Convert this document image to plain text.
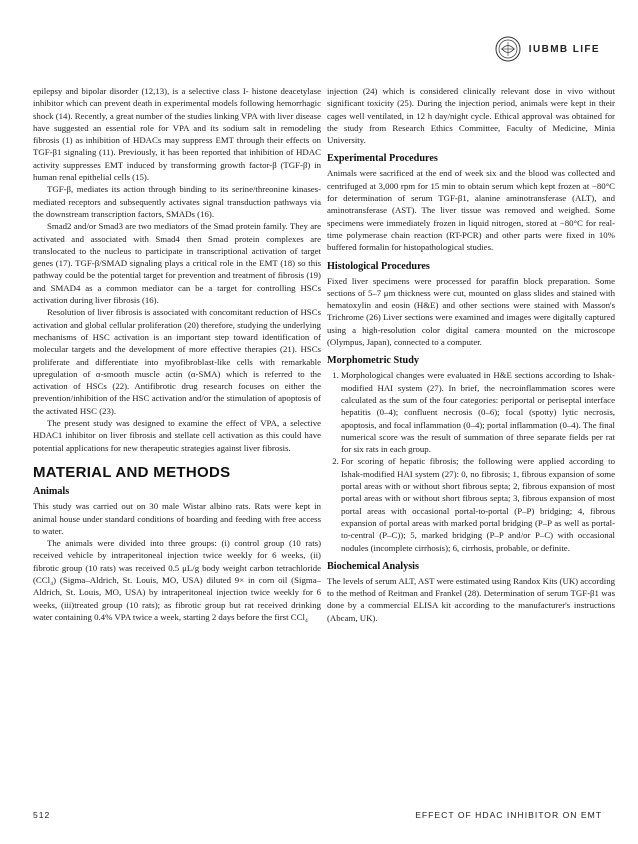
IUBMB LIFE

epilepsy and bipolar disorder (12,13), is a selective class I- histone deacetylase inhibitor which can prevent death in experimental models following hemorrhagic shock (14). Recently, a great number of the studies linking VPA with liver disease have suggested an essential role for VPA and its sodium salt in remodeling fibrosis (1) as inhibition of HDACs may suppress EMT through their effects on TGF-β1 signaling (11). Previously, it has been reported that inhibition of HDAC activity suppresses EMT induced by transforming growth factor-β (TGF-β) in human renal epithelial cells (15).

TGF-β, mediates its action through binding to its serine/threonine kinases-mediated receptors and subsequently activates signal transduction pathways via the downstream transcription factors, SMADs (16).

Smad2 and/or Smad3 are two mediators of the Smad protein family. They are activated and associated with Smad4 then Smad protein complexes are translocated to the nucleus to participate in transcriptional activation of target genes (17). TGF-β/SMAD signaling plays a critical role in the EMT (18) so this pathway could be the potential target for prevention and treatment of fibrosis (19) and SMAD4 as a common mediator can be a target for controlling HSCs activation during liver fibrosis (16).

Resolution of liver fibrosis is associated with concomitant reduction of HSCs activation and global cellular proliferation (20) therefore, studying the underlying mechanisms of HSC activation is an important step toward identification of molecular targets and the development of more effective therapies (21). HSCs proliferate and differentiate into myofibroblast-like cells with remarkable upregulation of α-smooth muscle actin (α-SMA) which is referred to the activation of HSCs (22). Antifibrotic drug research focuses on either the prevention/inhibition of the HSC activation and/or the stimulation of apoptosis of the activated HSC (23).

The present study was designed to examine the effect of VPA, a selective HDAC1 inhibitor on liver fibrosis and stellate cell activation as this could have potential applications for new therapeutic strategies against liver fibrosis.

MATERIAL AND METHODS
Animals

This study was carried out on 30 male Wistar albino rats. Rats were kept in animal house under standard conditions of boarding and feeding with free access to water.

The animals were divided into three groups: (i) control group (10 rats) received vehicle by intraperitoneal injection twice weekly for 6 weeks, (ii) fibrotic group (10 rats) was received 0.5 μL/g body weight carbon tetrachloride (CCl₄) (Sigma–Aldrich, St. Louis, MO, USA) diluted 9× in corn oil (Sigma–Aldrich, St. Louis, MO, USA) by intraperitoneal injection twice weekly for 6 weeks, (iii)treated group (10 rats); as fibrotic group but rat received drinking water containing 0.4% VPA twice a week, starting 2 days before the first CCl₄

injection (24) which is considered clinically relevant dose in vivo without significant toxicity (25). During the injection period, animals were kept in their cages well ventilated, in 12 h day/night cycle. Ethical approval was obtained for the study from Research Ethics Committee, Faculty of Medicine, Minia University.

Experimental Procedures

Animals were sacrificed at the end of week six and the blood was collected and centrifuged at 3,000 rpm for 15 min to obtain serum which kept frozen at −80°C for determination of serum TGF-β1, alanine aminotransferase (ALT), and aminotransferase (AST). The liver tissue was removed and weighed. Some specimens were immediately frozen in liquid nitrogen, stored at −80°C for real-time polymerase chain reaction (RT-PCR) and other parts were fixed in 10% buffered formalin for histopathological studies.

Histological Procedures

Fixed liver specimens were processed for paraffin block preparation. Some sections of 5–7 μm thickness were cut, mounted on glass slides and stained with hematoxylin and eosin (H&E) and other sections were stained with Masson's Trichrome (26) Liver sections were examined and images were digitally captured using a high-resolution color digital camera mounted on the microscope (Olympus, Japan), connected to a computer.

Morphometric Study
1. Morphological changes were evaluated in H&E sections according to Ishak-modified HAI system (27). In brief, the necroinflammation scores were calculated as the sum of the four categories: periportal or periseptal interface hepatitis (0–4); confluent necrosis (0–6); focal (spotty) lytic necrosis, apoptosis, and focal inflammation (0–4); portal inflammation (0–4). The final numerical score was the result of summation of three separate fields per rat for six rats in each group.
2. For scoring of hepatic fibrosis; the following were applied according to Ishak-modified HAI system (27): 0, no fibrosis; 1, fibrous expansion of some portal areas with or without short fibrous septa; 2, fibrous expansion of most portal areas with or without short fibrous septa; 3, fibrous expansion of most portal areas with occasional portal-to-portal (P–P) bridging; 4, fibrous expansion of portal areas with marked portal bridging (P–P as well as portal-to-central (P–C)); 5, marked bridging (P–P and/or P–C) with occasional nodules (incomplete cirrhosis); 6, cirrhosis, probable, or definite.
Biochemical Analysis

The levels of serum ALT, AST were estimated using Randox Kits (UK) according to the method of Reitman and Frankel (28). Determination of serum TGF-β1 was done by a commercial ELISA kit according to the manufacturer's instructions (Abcam, UK).

512	EFFECT OF HDAC INHIBITOR ON EMT
